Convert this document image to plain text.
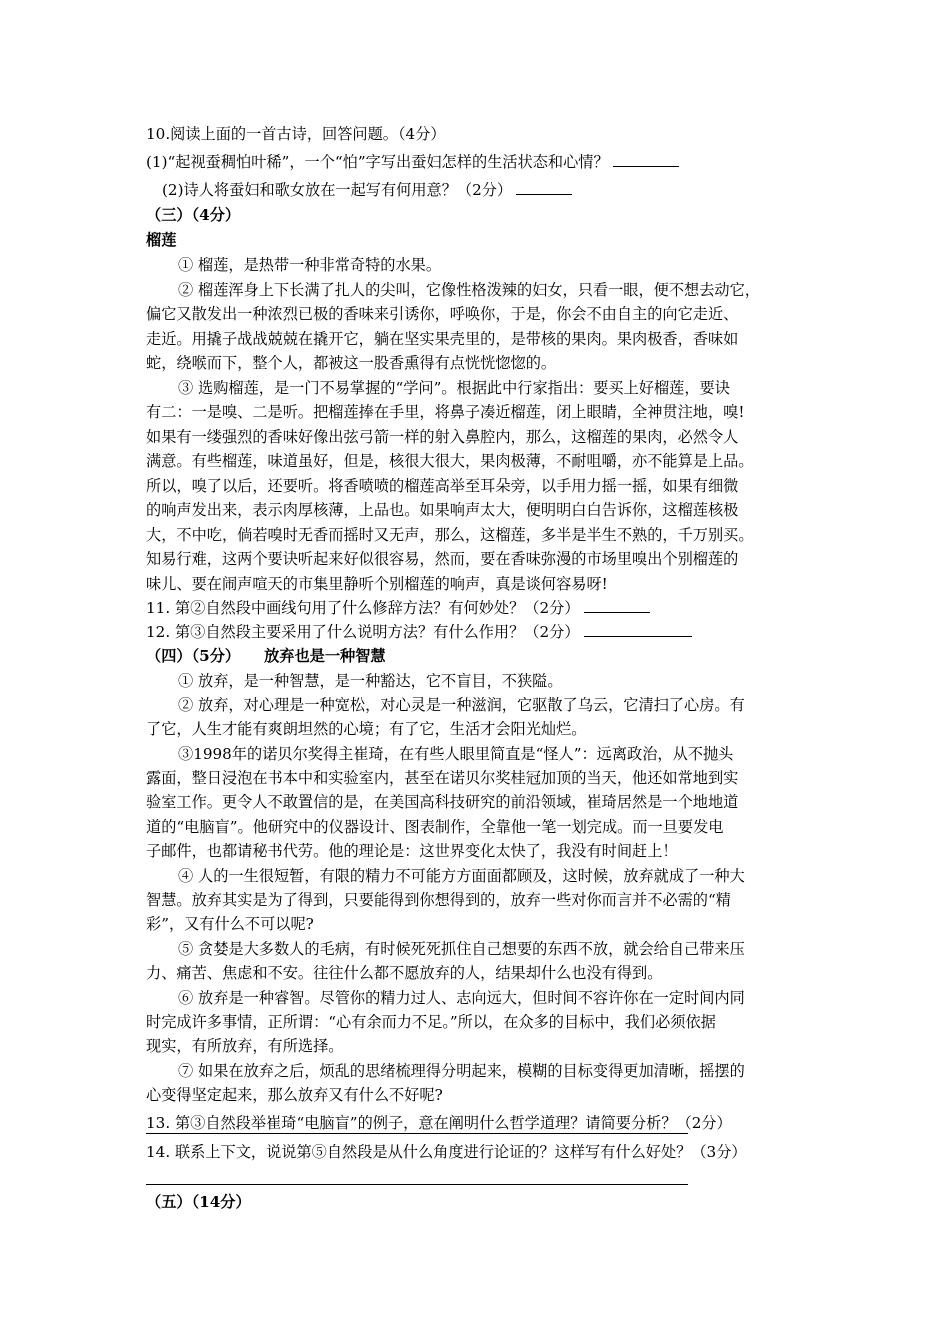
10.阅读上面的一首古诗，回答问题。（4分）
(1)“起视蚕稠怕叶稀”，一个“怕”字写出蚕妇怎样的生活状态和心情？
(2)诗人将蚕妇和歌女放在一起写有何用意？（2分）
（三）（4分）
榴莲
① 榴莲，是热带一种非常奇特的水果。
② 榴莲浑身上下长满了扎人的尖叫，它像性格泼辣的妇女，只看一眼，便不想去动它，
偏它又散发出一种浓烈已极的香味来引诱你，呼唤你，于是，你会不由自主的向它走近、
走近。用撬子战战兢兢在撬开它，躺在坚实果壳里的，是带核的果肉。果肉极香，香味如
蛇，绕喉而下，整个人，都被这一股香熏得有点恍恍惚惚的。
③ 选购榴莲，是一门不易掌握的“学问”。根据此中行家指出：要买上好榴莲，要诀
有二：一是嗅、二是听。把榴莲捧在手里，将鼻子凑近榴莲，闭上眼睛，全神贯注地，嗅!
如果有一缕强烈的香味好像出弦弓箭一样的射入鼻腔内，那么，这榴莲的果肉，必然令人
满意。有些榴莲，味道虽好，但是，核很大很大，果肉极薄，不耐咀嚼，亦不能算是上品。
所以，嗅了以后，还要听。将香喷喷的榴莲高举至耳朵旁，以手用力摇一摇，如果有细微
的响声发出来，表示肉厚核薄，上品也。如果响声太大，便明明白白告诉你，这榴莲核极
大，不中吃，倘若嗅时无香而摇时又无声，那么，这榴莲，多半是半生不熟的，千万别买。
知易行难，这两个要诀听起来好似很容易，然而，要在香味弥漫的市场里嗅出个别榴莲的
味儿、要在闹声喧天的市集里静听个别榴莲的响声，真是谈何容易呀!
11. 第②自然段中画线句用了什么修辞方法？有何妙处？（2分）
12. 第③自然段主要采用了什么说明方法？有什么作用？（2分）
（四）（5分） 放弃也是一种智慧
① 放弃，是一种智慧，是一种豁达，它不盲目，不狭隘。
② 放弃，对心理是一种宽松，对心灵是一种滋润，它驱散了乌云，它清扫了心房。有
了它，人生才能有爽朗坦然的心境；有了它，生活才会阳光灿烂。
③1998年的诺贝尔奖得主崔琦，在有些人眼里简直是“怪人”：远离政治，从不抛头
露面，整日浸泡在书本中和实验室内，甚至在诺贝尔奖桂冠加顶的当天，他还如常地到实
验室工作。更令人不敢置信的是，在美国高科技研究的前沿领域，崔琦居然是一个地地道
道的“电脑盲”。他研究中的仪器设计、图表制作，全靠他一笔一划完成。而一旦要发电
子邮件，也都请秘书代劳。他的理论是：这世界变化太快了，我没有时间赶上！
④ 人的一生很短暂，有限的精力不可能方方面面都顾及，这时候，放弃就成了一种大
智慧。放弃其实是为了得到，只要能得到你想得到的，放弃一些对你而言并不必需的“精
彩”，又有什么不可以呢?
⑤ 贪婪是大多数人的毛病，有时候死死抓住自己想要的东西不放，就会给自己带来压
力、痛苦、焦虑和不安。往往什么都不愿放弃的人，结果却什么也没有得到。
⑥ 放弃是一种睿智。尽管你的精力过人、志向远大，但时间不容许你在一定时间内同
时完成许多事情，正所谓：“心有余而力不足。”所以，在众多的目标中，我们必须依据
现实，有所放弃，有所选择。
⑦ 如果在放弃之后，烦乱的思绪梳理得分明起来，模糊的目标变得更加清晰，摇摆的
心变得坚定起来，那么放弃又有什么不好呢?
13. 第③自然段举崔琦“电脑盲”的例子，意在阐明什么哲学道理？请简要分析？（2分）
14. 联系上下文，说说第⑤自然段是从什么角度进行论证的？这样写有什么好处？（3分）
（五）（14分）
